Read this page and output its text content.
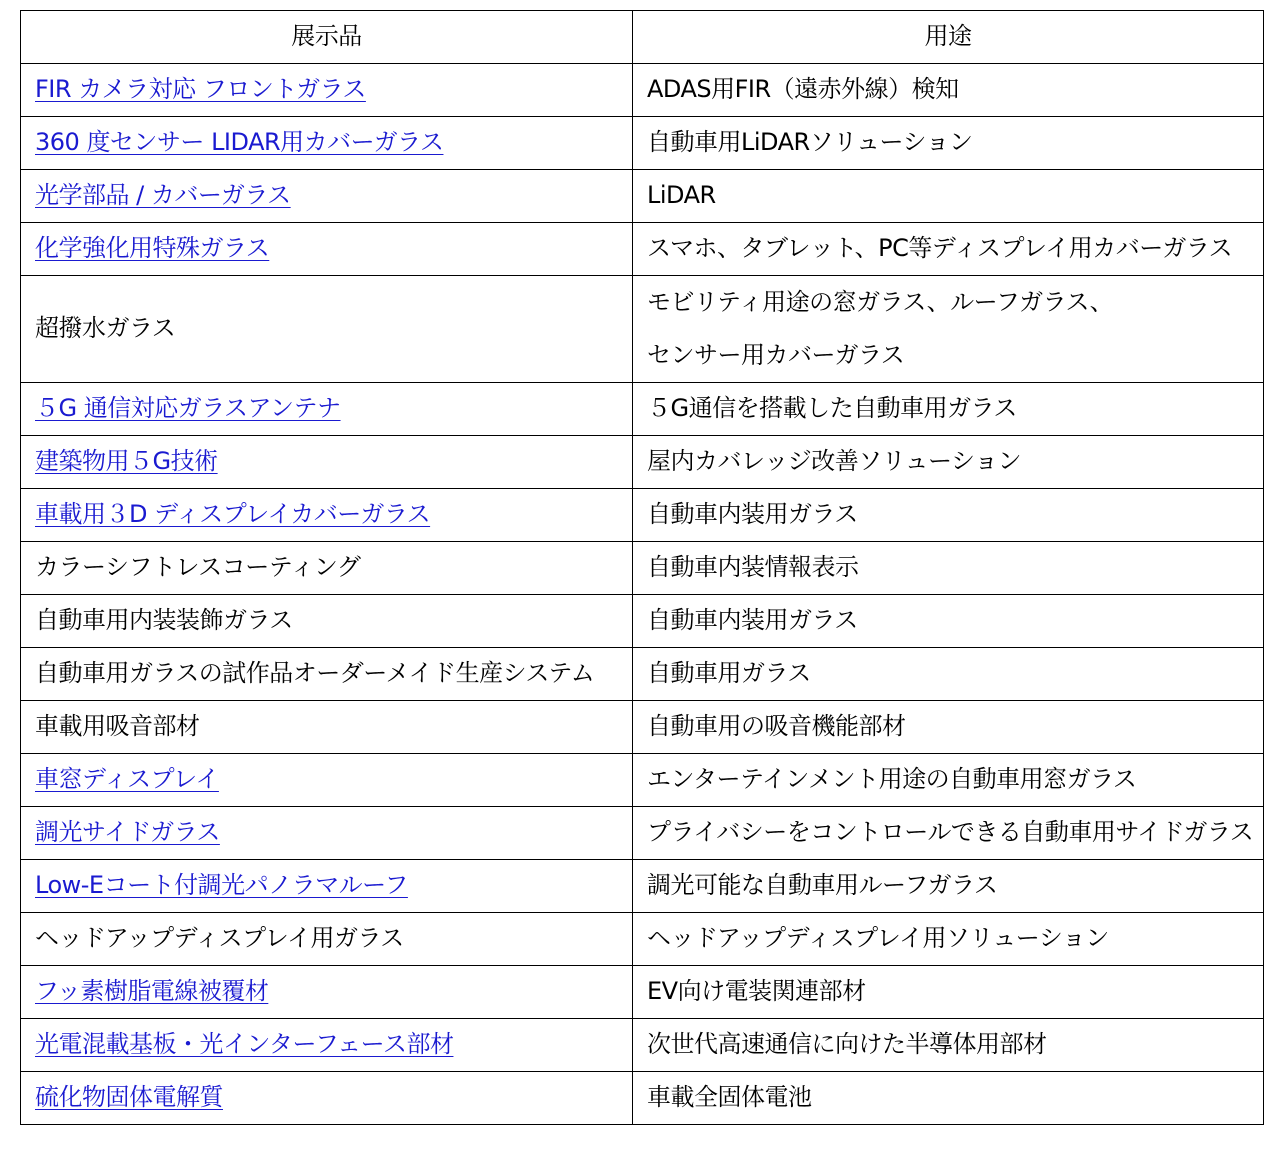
展示品	用途
FIR カメラ対応 フロントガラス	ADAS用FIR（遠赤外線）検知
360 度センサー LIDAR用カバーガラス	自動車用LiDARソリューション
光学部品 / カバーガラス	LiDAR
化学強化用特殊ガラス	スマホ、タブレット、PC等ディスプレイ用カバーガラス
超撥水ガラス	モビリティ用途の窓ガラス、ルーフガラス、
センサー用カバーガラス

５G 通信対応ガラスアンテナ	５G通信を搭載した自動車用ガラス
建築物用５G技術	屋内カバレッジ改善ソリューション
車載用３D ディスプレイカバーガラス	自動車内装用ガラス
カラーシフトレスコーティング	自動車内装情報表示
自動車用内装装飾ガラス	自動車内装用ガラス
自動車用ガラスの試作品オーダーメイド生産システム	自動車用ガラス
車載用吸音部材	自動車用の吸音機能部材
車窓ディスプレイ	エンターテインメント用途の自動車用窓ガラス
調光サイドガラス	プライバシーをコントロールできる自動車用サイドガラス
Low-Eコート付調光パノラマルーフ	調光可能な自動車用ルーフガラス
ヘッドアップディスプレイ用ガラス	ヘッドアップディスプレイ用ソリューション
フッ素樹脂電線被覆材	EV向け電装関連部材
光電混載基板・光インターフェース部材	次世代高速通信に向けた半導体用部材
硫化物固体電解質	車載全固体電池
